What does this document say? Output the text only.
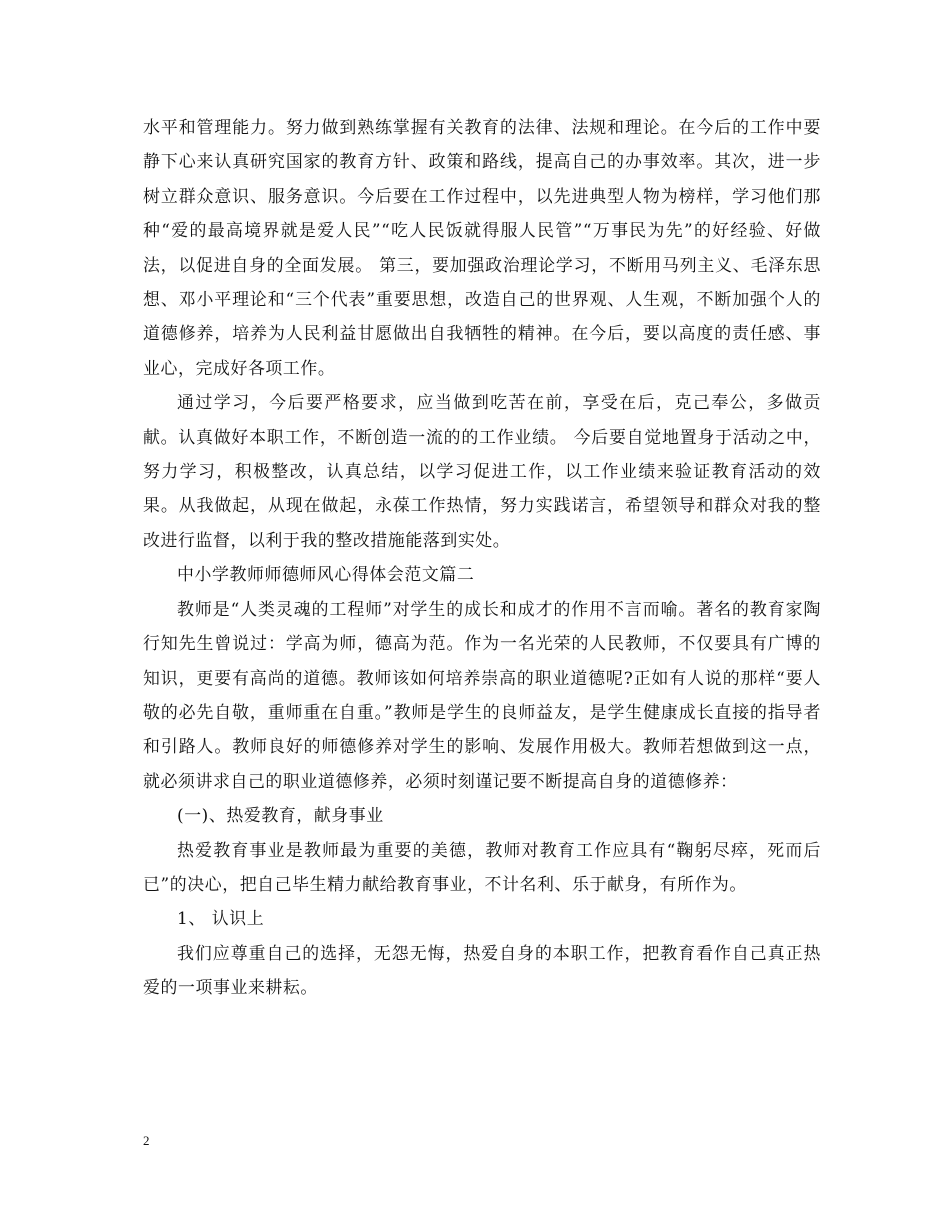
水平和管理能力。努力做到熟练掌握有关教育的法律、法规和理论。在今后的工作中要静下心来认真研究国家的教育方针、政策和路线，提高自己的办事效率。其次，进一步树立群众意识、服务意识。今后要在工作过程中，以先进典型人物为榜样，学习他们那种“爱的最高境界就是爱人民”“吃人民饭就得服人民管”“万事民为先”的好经验、好做法，以促进自身的全面发展。 第三，要加强政治理论学习，不断用马列主义、毛泽东思想、邓小平理论和“三个代表”重要思想，改造自己的世界观、人生观，不断加强个人的道德修养，培养为人民利益甘愿做出自我牺牲的精神。在今后，要以高度的责任感、事业心，完成好各项工作。

通过学习，今后要严格要求，应当做到吃苦在前，享受在后，克己奉公，多做贡献。认真做好本职工作，不断创造一流的的工作业绩。 今后要自觉地置身于活动之中，努力学习，积极整改，认真总结，以学习促进工作，以工作业绩来验证教育活动的效果。从我做起，从现在做起，永葆工作热情，努力实践诺言，希望领导和群众对我的整改进行监督，以利于我的整改措施能落到实处。

中小学教师师德师风心得体会范文篇二

教师是“人类灵魂的工程师”对学生的成长和成才的作用不言而喻。著名的教育家陶行知先生曾说过：学高为师，德高为范。作为一名光荣的人民教师，不仅要具有广博的知识，更要有高尚的道德。教师该如何培养崇高的职业道德呢?正如有人说的那样“要人敬的必先自敬，重师重在自重。”教师是学生的良师益友，是学生健康成长直接的指导者和引路人。教师良好的师德修养对学生的影响、发展作用极大。教师若想做到这一点，就必须讲求自己的职业道德修养，必须时刻谨记要不断提高自身的道德修养：

(一)、热爱教育，献身事业

热爱教育事业是教师最为重要的美德，教师对教育工作应具有“鞠躬尽瘁，死而后已”的决心，把自己毕生精力献给教育事业，不计名利、乐于献身，有所作为。

1、 认识上

我们应尊重自己的选择，无怨无悔，热爱自身的本职工作，把教育看作自己真正热爱的一项事业来耕耘。

2
